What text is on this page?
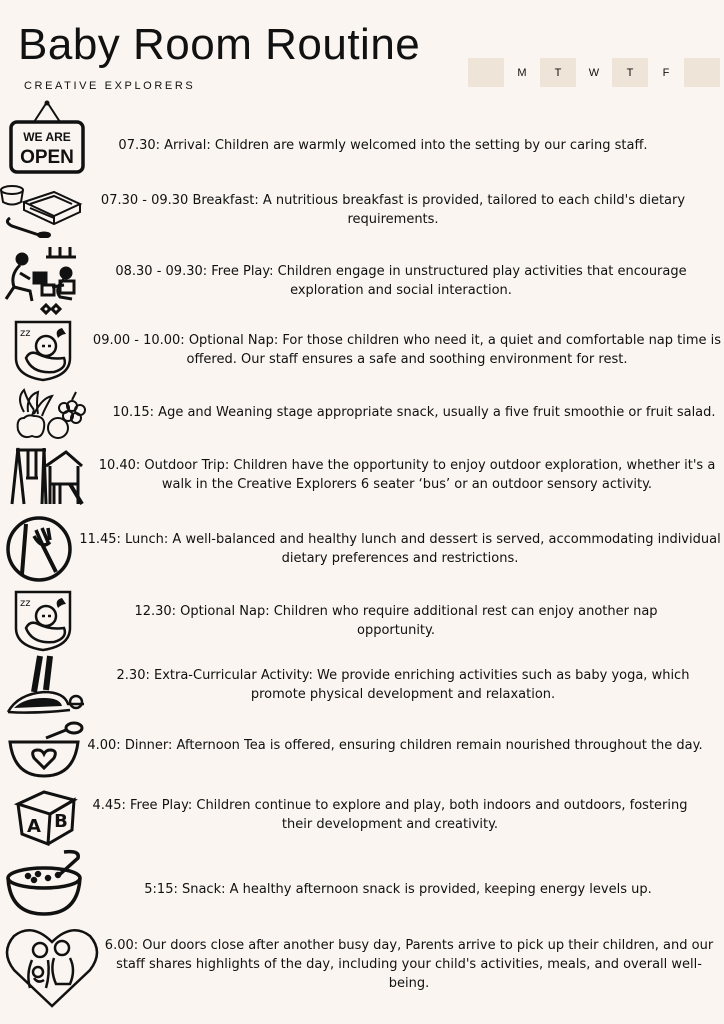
Baby Room Routine
CREATIVE EXPLORERS
M	T	W	T	F
WE ARE
OPEN
07.30: Arrival: Children are warmly welcomed into the setting by our caring staff.
07.30 - 09.30 Breakfast: A nutritious breakfast is provided, tailored to each child's dietary requirements.
08.30 - 09.30: Free Play: Children engage in unstructured play activities that encourage exploration and social interaction.
zz	09.00 - 10.00: Optional Nap: For those children who need it, a quiet and comfortable nap time is offered. Our staff ensures a safe and soothing environment for rest.
10.15: Age and Weaning stage appropriate snack, usually a five fruit smoothie or fruit salad.
10.40: Outdoor Trip: Children have the opportunity to enjoy outdoor exploration, whether it's a walk in the Creative Explorers 6 seater ‘bus’ or an outdoor sensory activity.
11.45: Lunch: A well-balanced and healthy lunch and dessert is served, accommodating individual dietary preferences and restrictions.
zz
12.30: Optional Nap: Children who require additional rest can enjoy another nap opportunity.
2.30: Extra-Curricular Activity: We provide enriching activities such as baby yoga, which promote physical development and relaxation.
4.00: Dinner: Afternoon Tea is offered, ensuring children remain nourished throughout the day.
A B
4.45: Free Play: Children continue to explore and play, both indoors and outdoors, fostering their development and creativity.
5:15: Snack: A healthy afternoon snack is provided, keeping energy levels up.
6.00: Our doors close after another busy day, Parents arrive to pick up their children, and our staff shares highlights of the day, including your child's activities, meals, and overall well-being.
